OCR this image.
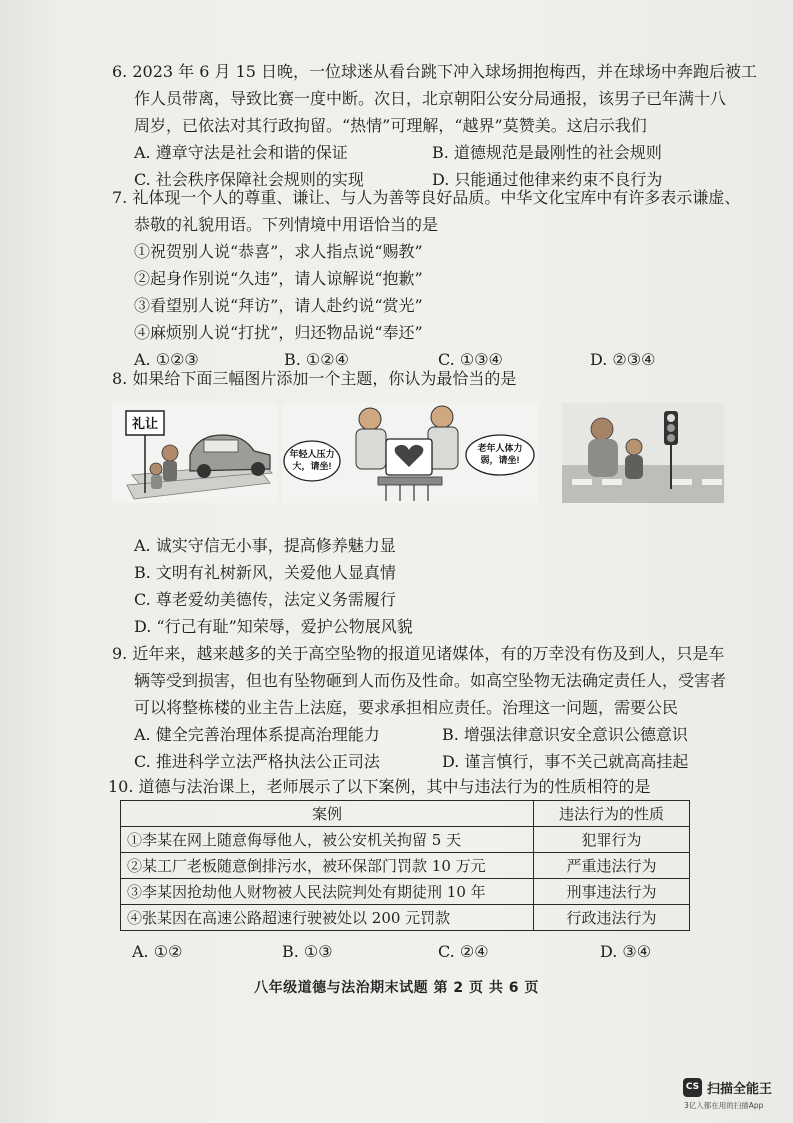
6. 2023 年 6 月 15 日晚，一位球迷从看台跳下冲入球场拥抱梅西，并在球场中奔跑后被工
作人员带离，导致比赛一度中断。次日，北京朝阳公安分局通报，该男子已年满十八
周岁，已依法对其行政拘留。“热情”可理解，“越界”莫赞美。这启示我们
A. 遵章守法是社会和谐的保证	B. 道德规范是最刚性的社会规则
C. 社会秩序保障社会规则的实现	D. 只能通过他律来约束不良行为
7. 礼体现一个人的尊重、谦让、与人为善等良好品质。中华文化宝库中有许多表示谦虚、
恭敬的礼貌用语。下列情境中用语恰当的是
①祝贺别人说“恭喜”，求人指点说“赐教”
②起身作别说“久违”，请人谅解说“抱歉”
③看望别人说“拜访”，请人赴约说“赏光”
④麻烦别人说“打扰”，归还物品说“奉还”
A. ①②③	B. ①②④	C. ①③④	D. ②③④
8. 如果给下面三幅图片添加一个主题，你认为最恰当的是
礼让
年轻人压力
大，请坐!
老年人体力
弱，请坐!
A. 诚实守信无小事，提高修养魅力显
B. 文明有礼树新风，关爱他人显真情
C. 尊老爱幼美德传，法定义务需履行
D. “行己有耻”知荣辱，爱护公物展风貌
9. 近年来，越来越多的关于高空坠物的报道见诸媒体，有的万幸没有伤及到人，只是车
辆等受到损害，但也有坠物砸到人而伤及性命。如高空坠物无法确定责任人，受害者
可以将整栋楼的业主告上法庭，要求承担相应责任。治理这一问题，需要公民
A. 健全完善治理体系提高治理能力	B. 增强法律意识安全意识公德意识
C. 推进科学立法严格执法公正司法	D. 谨言慎行，事不关己就高高挂起
10. 道德与法治课上，老师展示了以下案例，其中与违法行为的性质相符的是
案例	违法行为的性质
①李某在网上随意侮辱他人，被公安机关拘留 5 天	犯罪行为
②某工厂老板随意倒排污水，被环保部门罚款 10 万元	严重违法行为
③李某因抢劫他人财物被人民法院判处有期徒刑 10 年	刑事违法行为
④张某因在高速公路超速行驶被处以 200 元罚款	行政违法行为
A. ①②	B. ①③	C. ②④	D. ③④
八年级道德与法治期末试题 第 2 页 共 6 页
CS 扫描全能王
3亿人都在用的扫描App
